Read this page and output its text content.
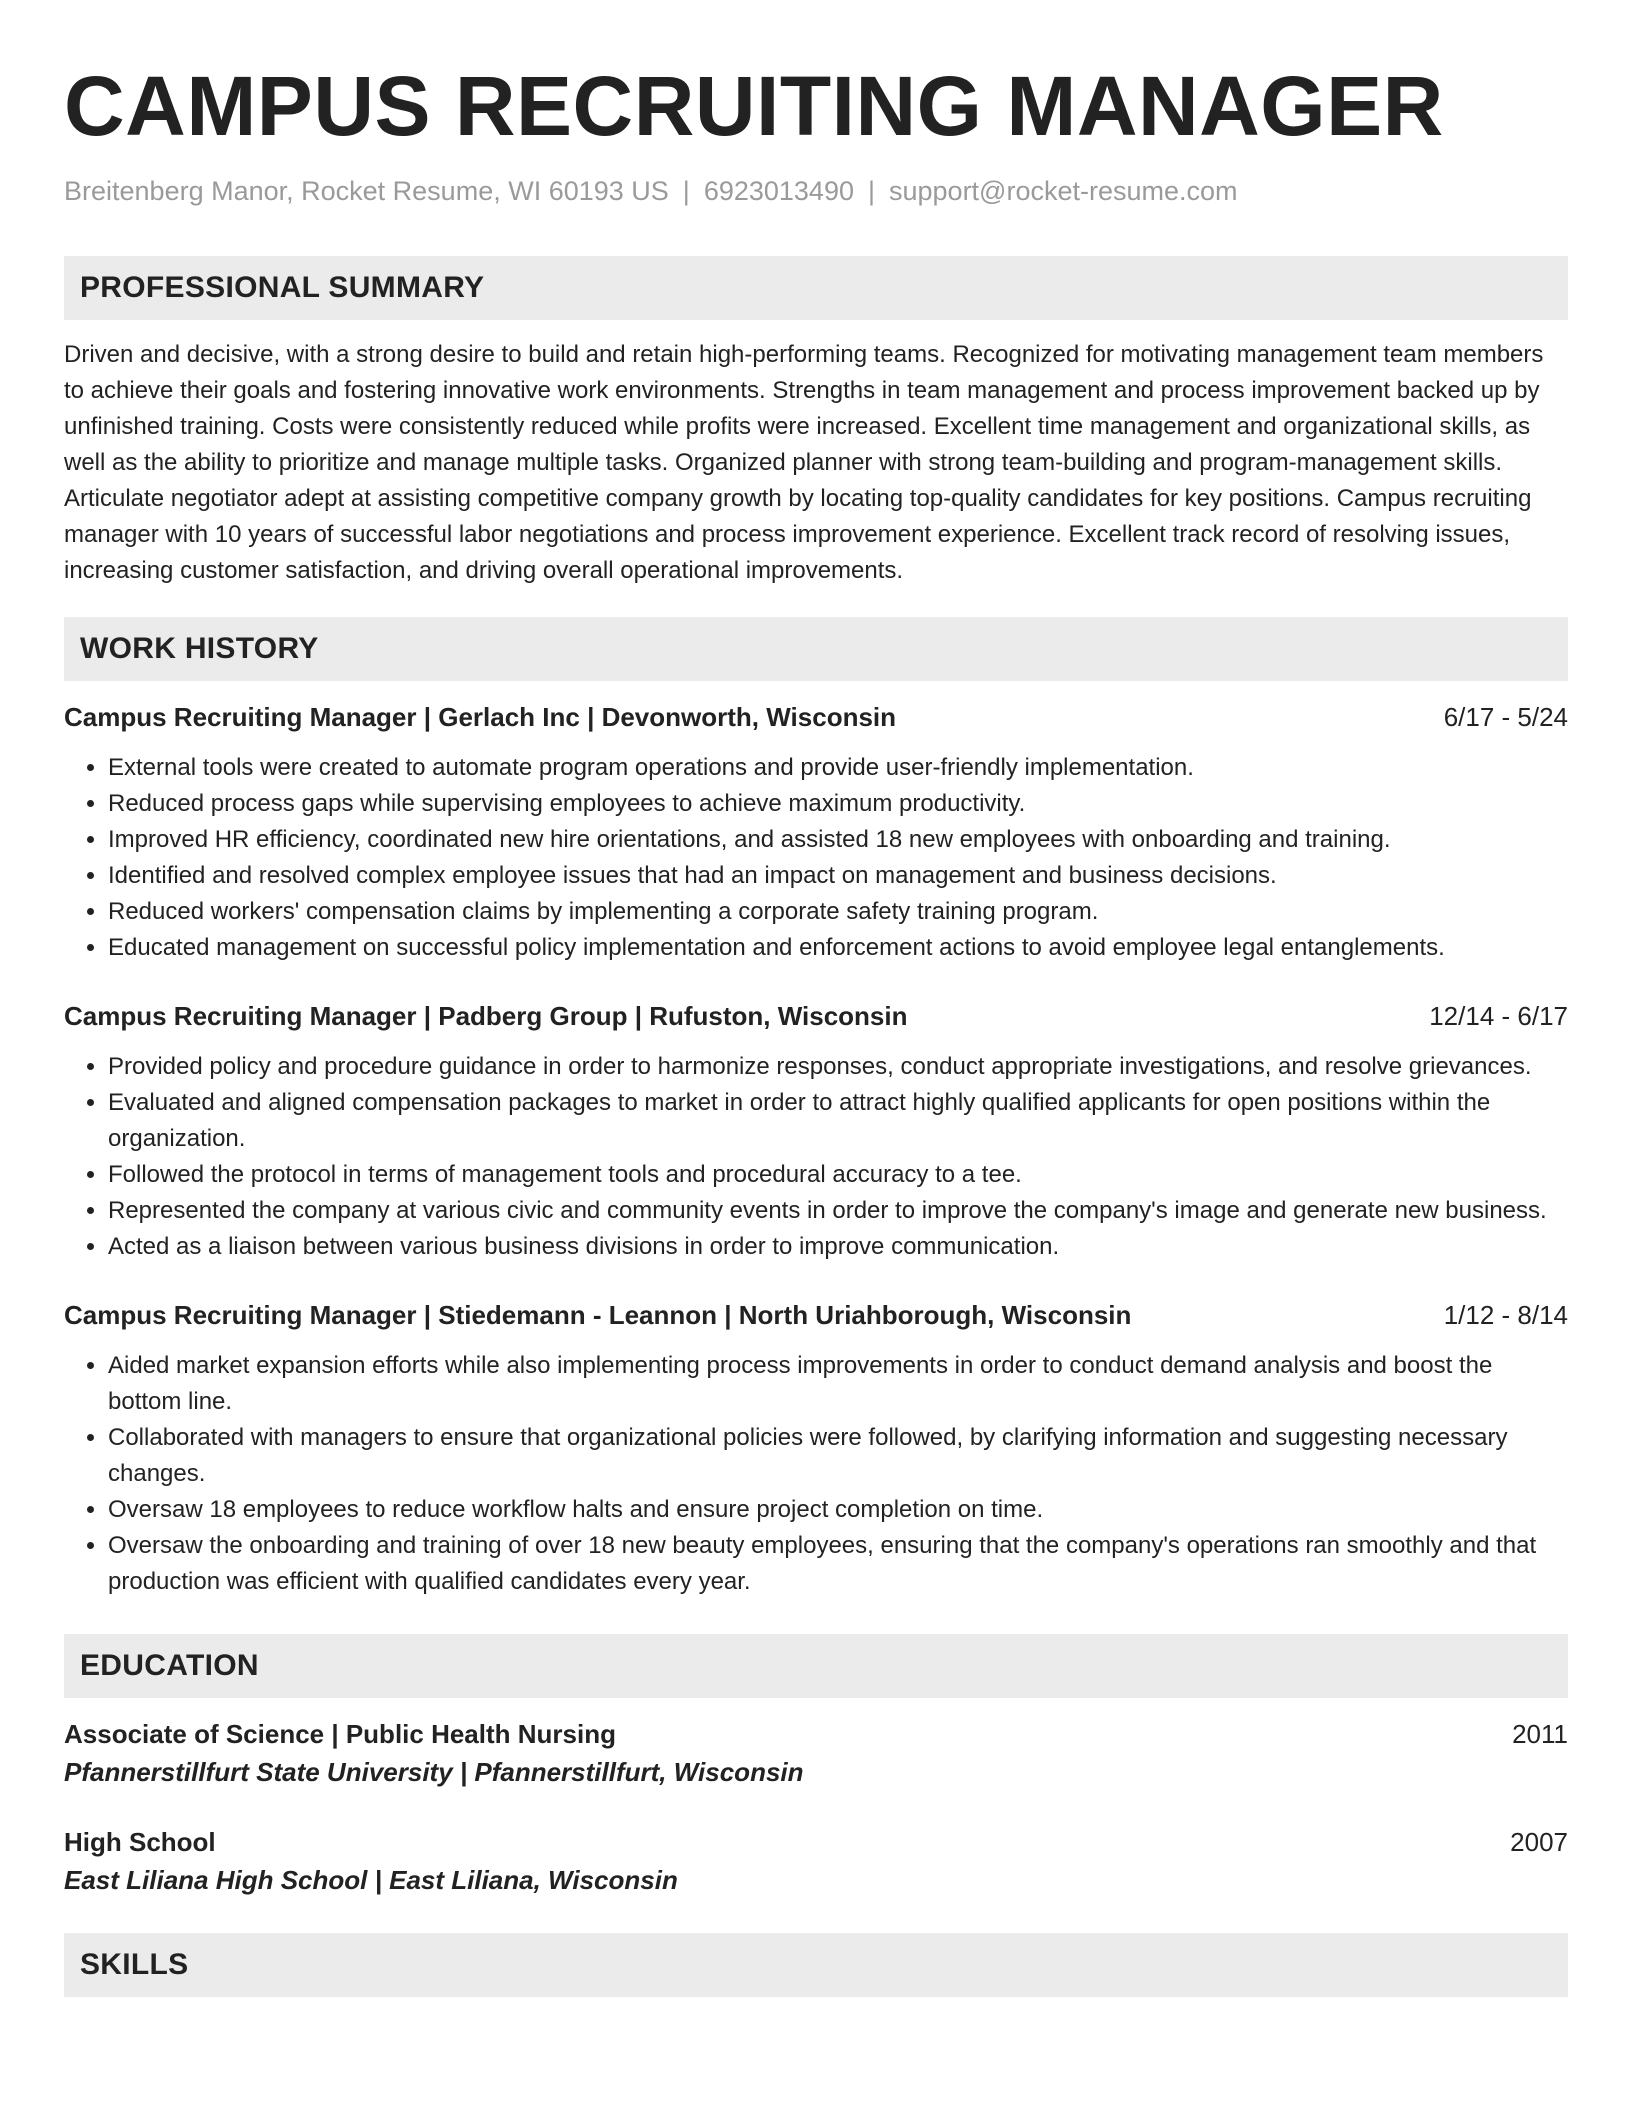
CAMPUS RECRUITING MANAGER
Breitenberg Manor, Rocket Resume, WI 60193 US | 6923013490 | support@rocket-resume.com
PROFESSIONAL SUMMARY
Driven and decisive, with a strong desire to build and retain high-performing teams. Recognized for motivating management team members to achieve their goals and fostering innovative work environments. Strengths in team management and process improvement backed up by unfinished training. Costs were consistently reduced while profits were increased. Excellent time management and organizational skills, as well as the ability to prioritize and manage multiple tasks. Organized planner with strong team-building and program-management skills. Articulate negotiator adept at assisting competitive company growth by locating top-quality candidates for key positions. Campus recruiting manager with 10 years of successful labor negotiations and process improvement experience. Excellent track record of resolving issues, increasing customer satisfaction, and driving overall operational improvements.
WORK HISTORY
Campus Recruiting Manager | Gerlach Inc | Devonworth, Wisconsin	6/17 - 5/24
• External tools were created to automate program operations and provide user-friendly implementation.
• Reduced process gaps while supervising employees to achieve maximum productivity.
• Improved HR efficiency, coordinated new hire orientations, and assisted 18 new employees with onboarding and training.
• Identified and resolved complex employee issues that had an impact on management and business decisions.
• Reduced workers' compensation claims by implementing a corporate safety training program.
• Educated management on successful policy implementation and enforcement actions to avoid employee legal entanglements.
Campus Recruiting Manager | Padberg Group | Rufuston, Wisconsin	12/14 - 6/17
• Provided policy and procedure guidance in order to harmonize responses, conduct appropriate investigations, and resolve grievances.
• Evaluated and aligned compensation packages to market in order to attract highly qualified applicants for open positions within the organization.
• Followed the protocol in terms of management tools and procedural accuracy to a tee.
• Represented the company at various civic and community events in order to improve the company's image and generate new business.
• Acted as a liaison between various business divisions in order to improve communication.
Campus Recruiting Manager | Stiedemann - Leannon | North Uriahborough, Wisconsin	1/12 - 8/14
• Aided market expansion efforts while also implementing process improvements in order to conduct demand analysis and boost the bottom line.
• Collaborated with managers to ensure that organizational policies were followed, by clarifying information and suggesting necessary changes.
• Oversaw 18 employees to reduce workflow halts and ensure project completion on time.
• Oversaw the onboarding and training of over 18 new beauty employees, ensuring that the company's operations ran smoothly and that production was efficient with qualified candidates every year.
EDUCATION
Associate of Science | Public Health Nursing	2011
Pfannerstillfurt State University | Pfannerstillfurt, Wisconsin
High School	2007
East Liliana High School | East Liliana, Wisconsin
SKILLS
